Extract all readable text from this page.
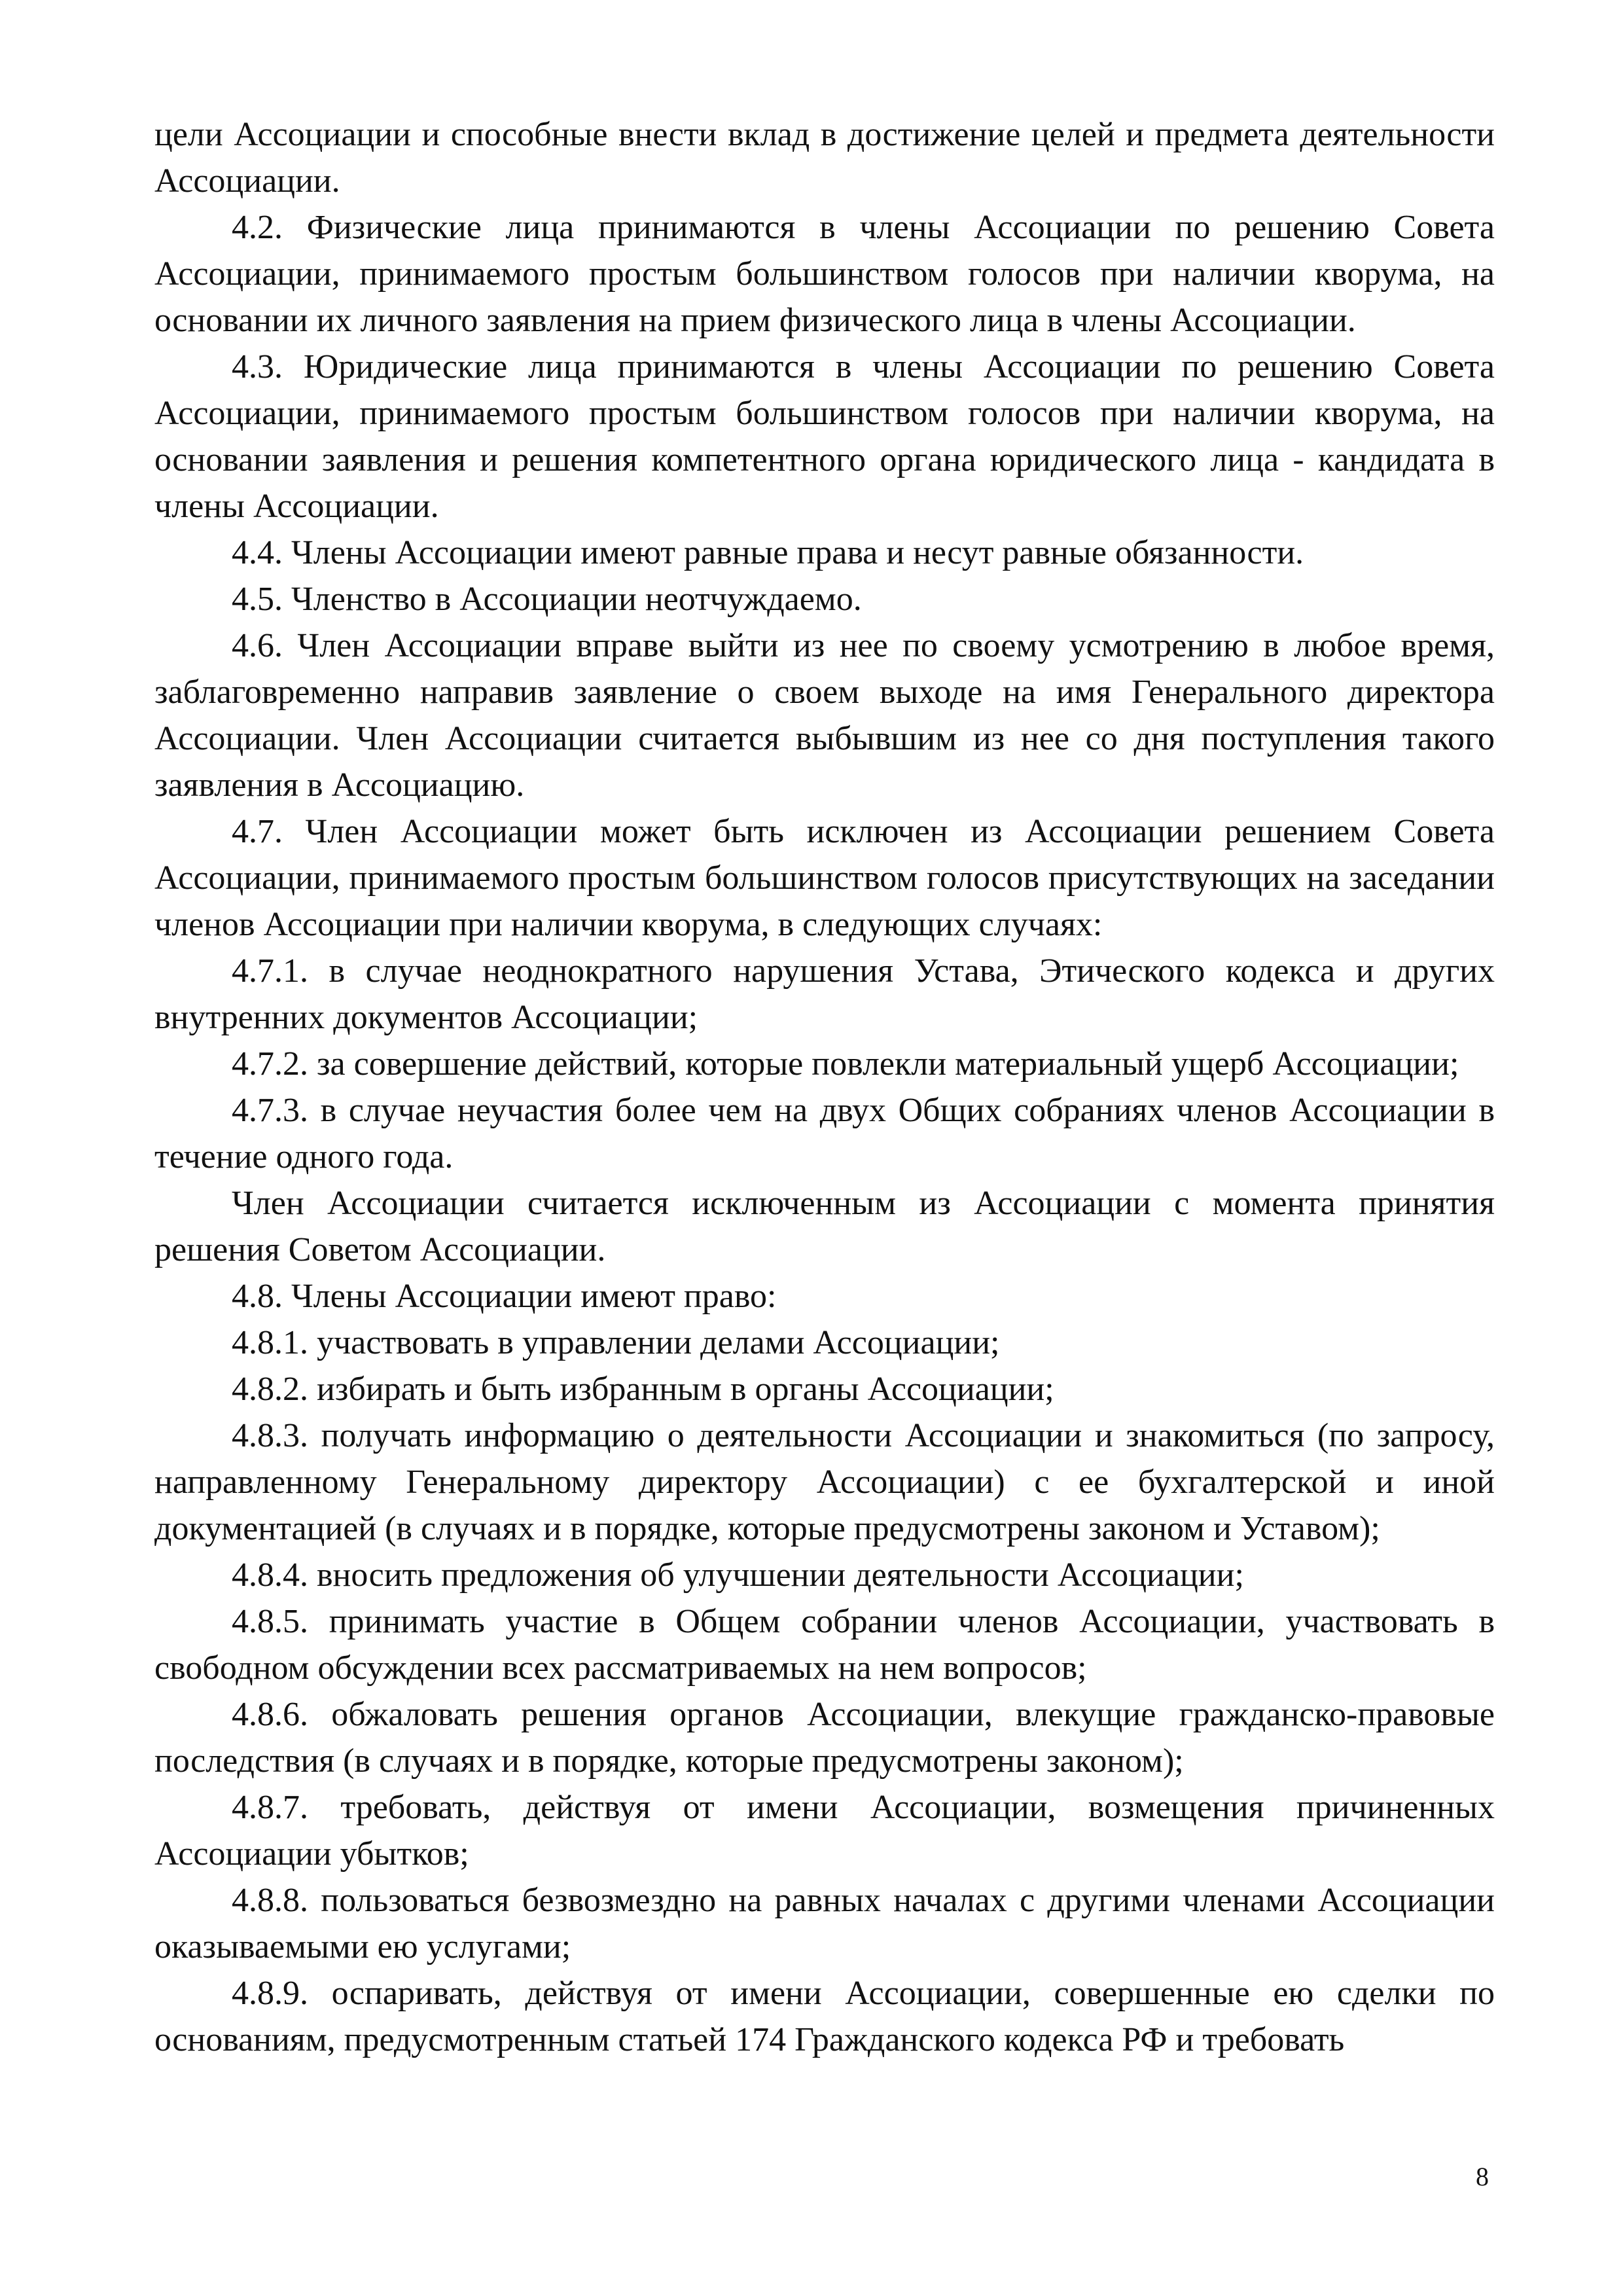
цели Ассоциации и способные внести вклад в достижение целей и предмета деятельности Ассоциации.

4.2. Физические лица принимаются в члены Ассоциации по решению Совета Ассоциации, принимаемого простым большинством голосов при наличии кворума, на основании их личного заявления на прием физического лица в члены Ассоциации.

4.3. Юридические лица принимаются в члены Ассоциации по решению Совета Ассоциации, принимаемого простым большинством голосов при наличии кворума, на основании заявления и решения компетентного органа юридического лица - кандидата в члены Ассоциации.

4.4. Члены Ассоциации имеют равные права и несут равные обязанности.

4.5. Членство в Ассоциации неотчуждаемо.

4.6. Член Ассоциации вправе выйти из нее по своему усмотрению в любое время, заблаговременно направив заявление о своем выходе на имя Генерального директора Ассоциации. Член Ассоциации считается выбывшим из нее со дня поступления такого заявления в Ассоциацию.

4.7. Член Ассоциации может быть исключен из Ассоциации решением Совета Ассоциации, принимаемого простым большинством голосов присутствующих на заседании членов Ассоциации при наличии кворума, в следующих случаях:

4.7.1. в случае неоднократного нарушения Устава, Этического кодекса и других внутренних документов Ассоциации;

4.7.2. за совершение действий, которые повлекли материальный ущерб Ассоциации;

4.7.3. в случае неучастия более чем на двух Общих собраниях членов Ассоциации в течение одного года.

Член Ассоциации считается исключенным из Ассоциации с момента принятия решения Советом Ассоциации.

4.8. Члены Ассоциации имеют право:

4.8.1. участвовать в управлении делами Ассоциации;

4.8.2. избирать и быть избранным в органы Ассоциации;

4.8.3. получать информацию о деятельности Ассоциации и знакомиться (по запросу, направленному Генеральному директору Ассоциации) с ее бухгалтерской и иной документацией (в случаях и в порядке, которые предусмотрены законом и Уставом);

4.8.4. вносить предложения об улучшении деятельности Ассоциации;

4.8.5. принимать участие в Общем собрании членов Ассоциации, участвовать в свободном обсуждении всех рассматриваемых на нем вопросов;

4.8.6. обжаловать решения органов Ассоциации, влекущие гражданско-правовые последствия (в случаях и в порядке, которые предусмотрены законом);

4.8.7. требовать, действуя от имени Ассоциации, возмещения причиненных Ассоциации убытков;

4.8.8. пользоваться безвозмездно на равных началах с другими членами Ассоциации оказываемыми ею услугами;

4.8.9. оспаривать, действуя от имени Ассоциации, совершенные ею сделки по основаниям, предусмотренным статьей 174 Гражданского кодекса РФ и требовать

8
